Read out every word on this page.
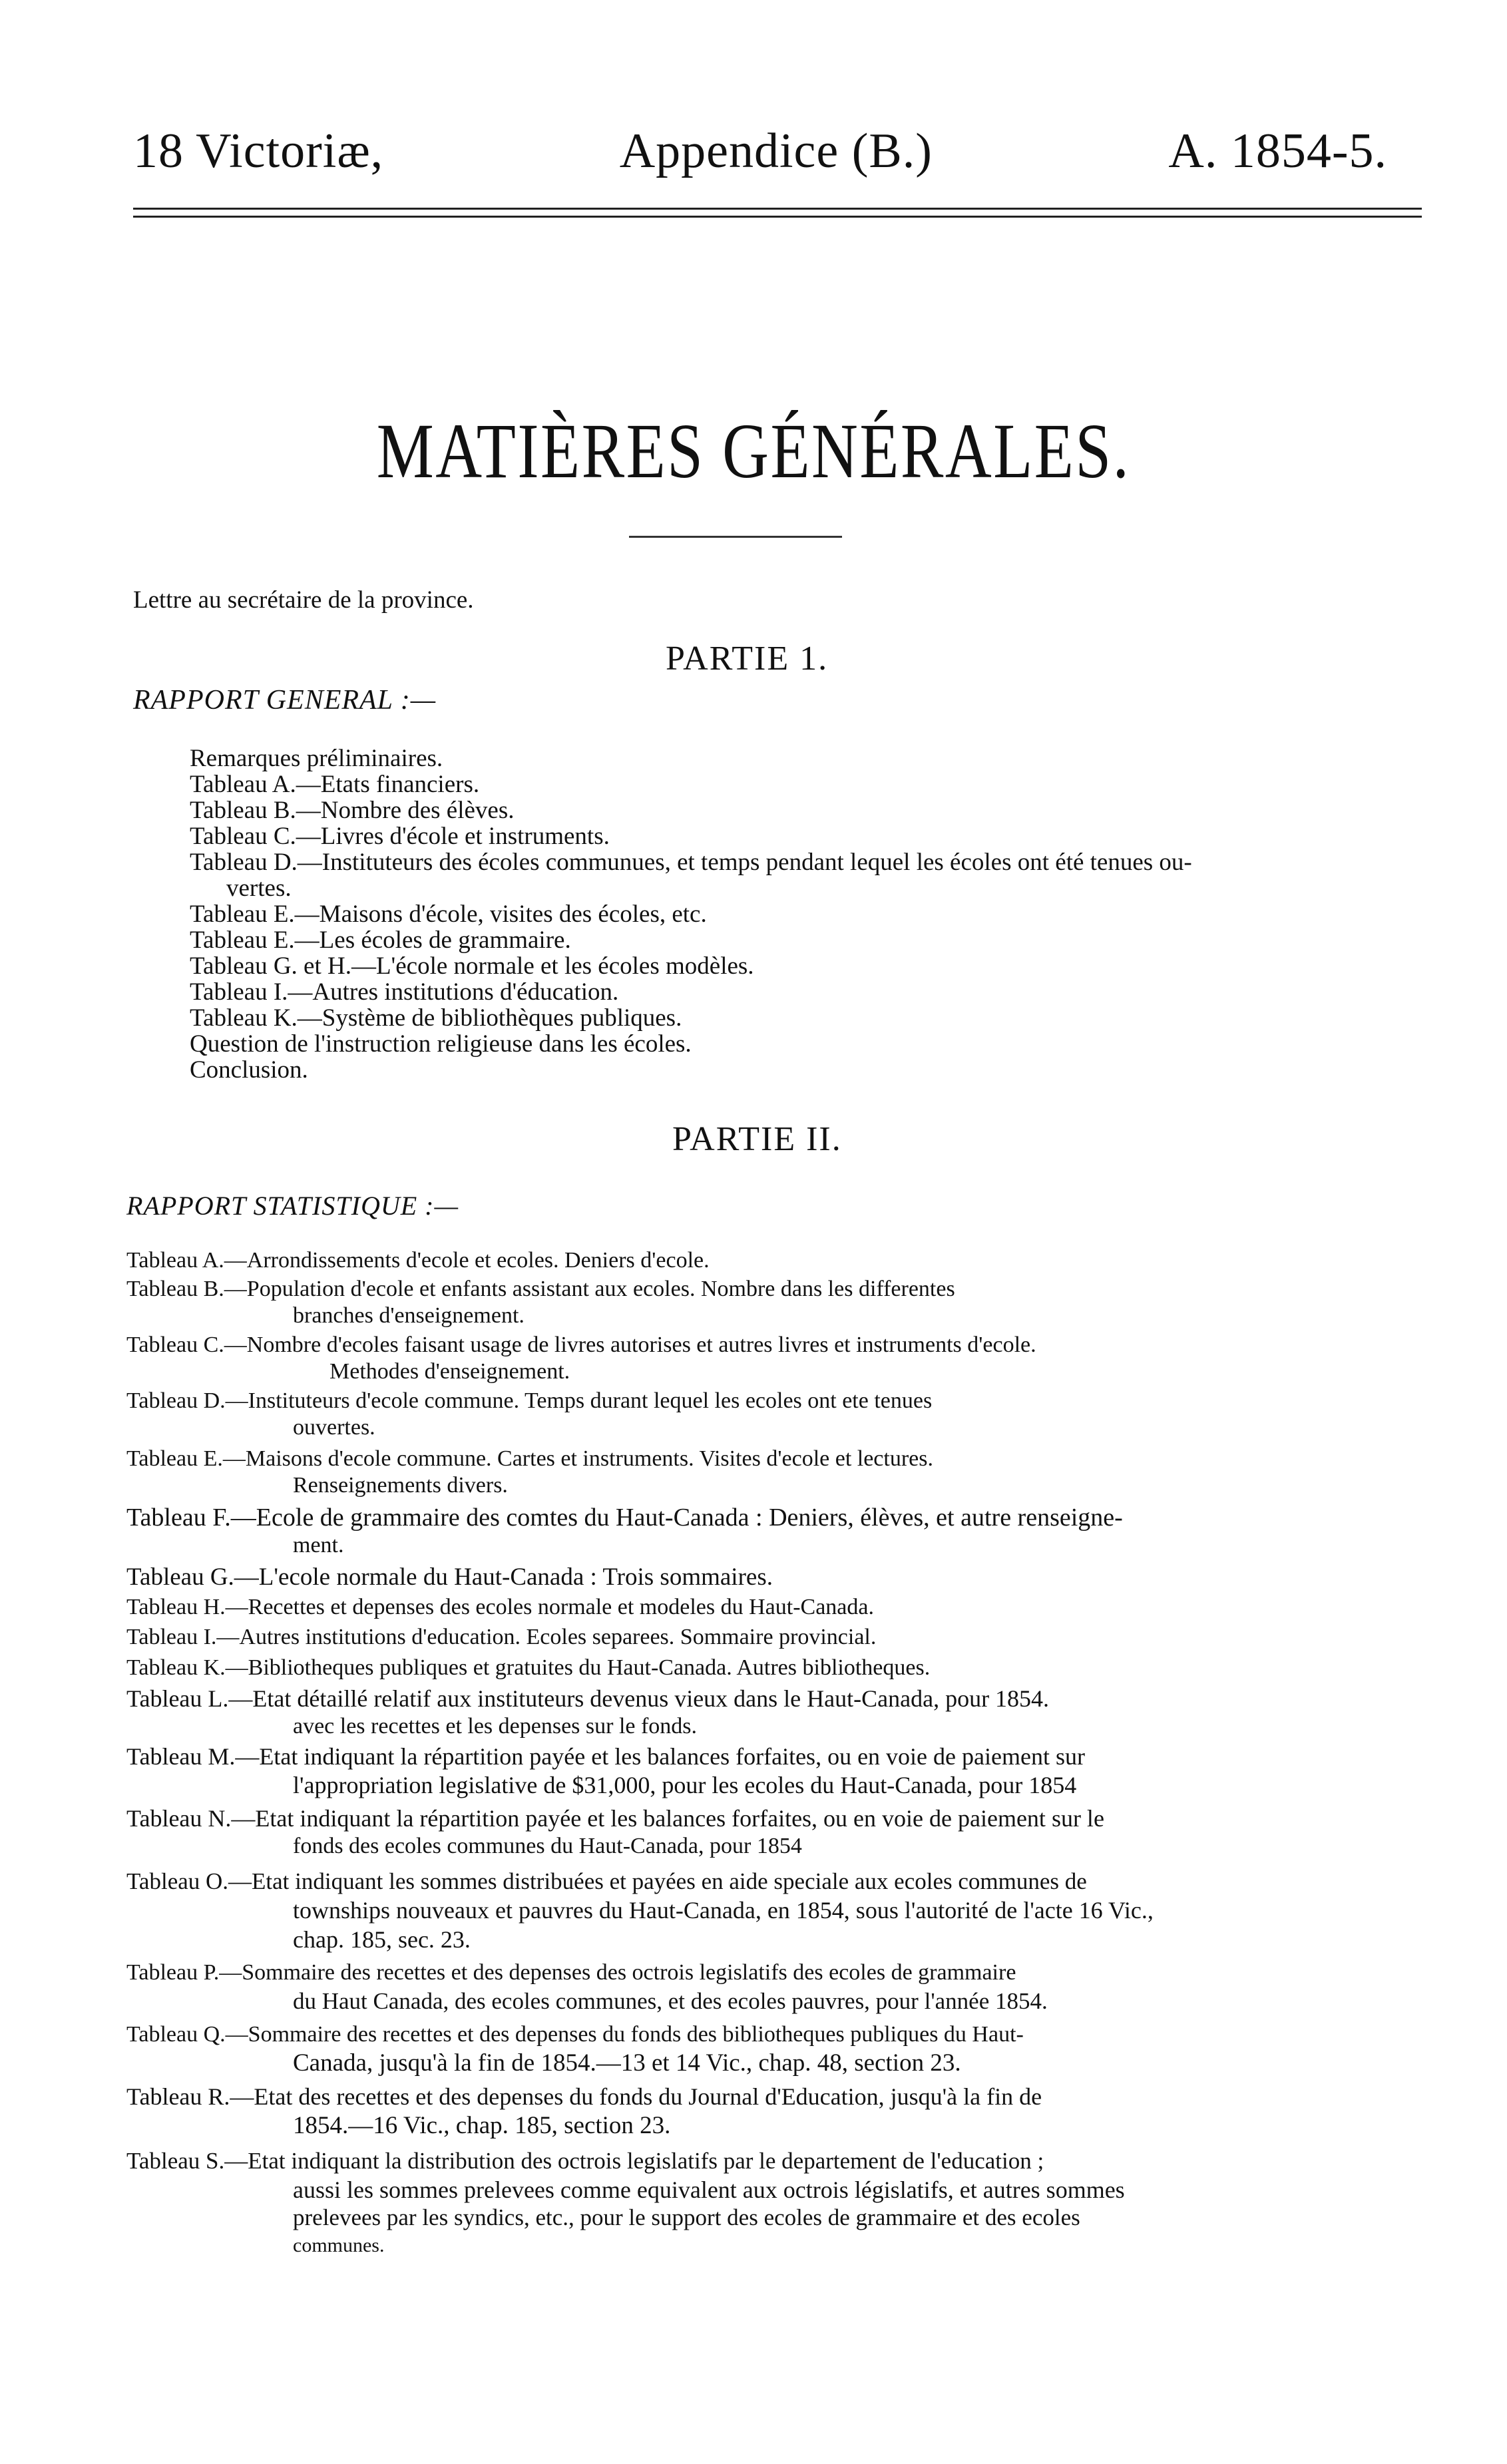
18 Victoriæ,	Appendice (B.)	A. 1854-5.
MATIÈRES GÉNÉRALES.
Lettre au secrétaire de la province.
PARTIE 1.
RAPPORT GENERAL :—
Remarques préliminaires.
Tableau A.—Etats financiers.
Tableau B.—Nombre des élèves.
Tableau C.—Livres d'école et instruments.
Tableau D.—Instituteurs des écoles communues, et temps pendant lequel les écoles ont été tenues ou-
vertes.
Tableau E.—Maisons d'école, visites des écoles, etc.
Tableau E.—Les écoles de grammaire.
Tableau G. et H.—L'école normale et les écoles modèles.
Tableau I.—Autres institutions d'éducation.
Tableau K.—Système de bibliothèques publiques.
Question de l'instruction religieuse dans les écoles.
Conclusion.
PARTIE II.
RAPPORT STATISTIQUE :—
Tableau A.—Arrondissements d'ecole et ecoles. Deniers d'ecole.
Tableau B.—Population d'ecole et enfants assistant aux ecoles. Nombre dans les differentes
branches d'enseignement.
Tableau C.—Nombre d'ecoles faisant usage de livres autorises et autres livres et instruments d'ecole.
Methodes d'enseignement.
Tableau D.—Instituteurs d'ecole commune. Temps durant lequel les ecoles ont ete tenues
ouvertes.
Tableau E.—Maisons d'ecole commune. Cartes et instruments. Visites d'ecole et lectures.
Renseignements divers.
Tableau F.—Ecole de grammaire des comtes du Haut-Canada : Deniers, élèves, et autre renseigne-
ment.
Tableau G.—L'ecole normale du Haut-Canada : Trois sommaires.
Tableau H.—Recettes et depenses des ecoles normale et modeles du Haut-Canada.
Tableau I.—Autres institutions d'education. Ecoles separees. Sommaire provincial.
Tableau K.—Bibliotheques publiques et gratuites du Haut-Canada. Autres bibliotheques.
Tableau L.—Etat détaillé relatif aux instituteurs devenus vieux dans le Haut-Canada, pour 1854.
avec les recettes et les depenses sur le fonds.
Tableau M.—Etat indiquant la répartition payée et les balances forfaites, ou en voie de paiement sur
l'appropriation legislative de $31,000, pour les ecoles du Haut-Canada, pour 1854
Tableau N.—Etat indiquant la répartition payée et les balances forfaites, ou en voie de paiement sur le
fonds des ecoles communes du Haut-Canada, pour 1854
Tableau O.—Etat indiquant les sommes distribuées et payées en aide speciale aux ecoles communes de
townships nouveaux et pauvres du Haut-Canada, en 1854, sous l'autorité de l'acte 16 Vic.,
chap. 185, sec. 23.
Tableau P.—Sommaire des recettes et des depenses des octrois legislatifs des ecoles de grammaire
du Haut Canada, des ecoles communes, et des ecoles pauvres, pour l'année 1854.
Tableau Q.—Sommaire des recettes et des depenses du fonds des bibliotheques publiques du Haut-
Canada, jusqu'à la fin de 1854.—13 et 14 Vic., chap. 48, section 23.
Tableau R.—Etat des recettes et des depenses du fonds du Journal d'Education, jusqu'à la fin de
1854.—16 Vic., chap. 185, section 23.
Tableau S.—Etat indiquant la distribution des octrois legislatifs par le departement de l'education ;
aussi les sommes prelevees comme equivalent aux octrois législatifs, et autres sommes
prelevees par les syndics, etc., pour le support des ecoles de grammaire et des ecoles
communes.
